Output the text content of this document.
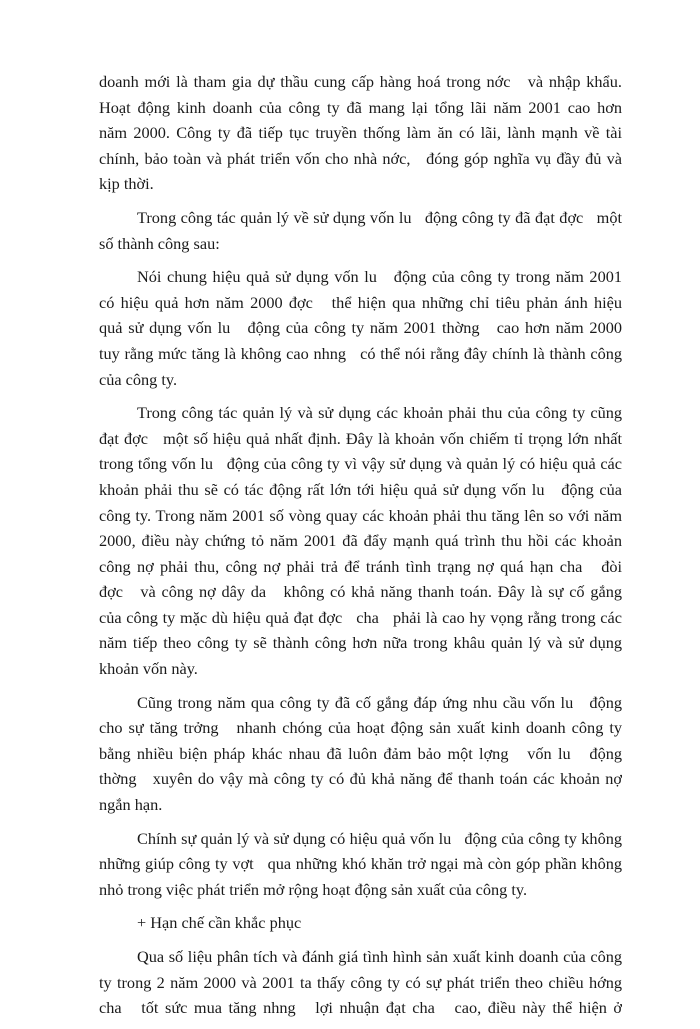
doanh mới là tham gia dự thầu cung cấp hàng hoá trong nớc   và nhập khẩu.
Hoạt động kinh doanh của công ty đã mang lại tổng lãi năm 2001 cao hơn
năm 2000. Công ty đã tiếp tục truyền thống làm ăn có lãi, lành mạnh về tài
chính, bảo toàn và phát triển vốn cho nhà nớc,   đóng góp nghĩa vụ đầy đủ và
kịp thời.
Trong công tác quản lý về sử dụng vốn lu   động công ty đã đạt đợc   một
số thành công sau:
Nói chung hiệu quả sử dụng vốn lu   động của công ty trong năm 2001
có hiệu quả hơn năm 2000 đợc   thể hiện qua những chỉ tiêu phản ánh hiệu
quả sử dụng vốn lu   động của công ty năm 2001 thờng   cao hơn năm 2000
tuy rằng mức tăng là không cao nhng   có thể nói rằng đây chính là thành công
của công ty.
Trong công tác quản lý và sử dụng các khoản phải thu của công ty cũng
đạt đợc   một số hiệu quả nhất định. Đây là khoản vốn chiếm tỉ trọng lớn nhất
trong tổng vốn lu   động của công ty vì vậy sử dụng và quản lý có hiệu quả các
khoản phải thu sẽ có tác động rất lớn tới hiệu quả sử dụng vốn lu   động của
công ty. Trong năm 2001 số vòng quay các khoản phải thu tăng lên so với năm
2000, điều này chứng tỏ năm 2001 đã đẩy mạnh quá trình thu hồi các khoản
công nợ phải thu, công nợ phải trả để tránh tình trạng nợ quá hạn cha   đòi
đợc   và công nợ dây da   không có khả năng thanh toán. Đây là sự cố gắng
của công ty mặc dù hiệu quả đạt đợc   cha   phải là cao hy vọng rằng trong các
năm tiếp theo công ty sẽ thành công hơn nữa trong khâu quản lý và sử dụng
khoản vốn này.
Cũng trong năm qua công ty đã cố gắng đáp ứng nhu cầu vốn lu   động
cho sự tăng trởng   nhanh chóng của hoạt động sản xuất kinh doanh công ty
bằng nhiều biện pháp khác nhau đã luôn đảm bảo một lợng   vốn lu   động
thờng   xuyên do vậy mà công ty có đủ khả năng để thanh toán các khoản nợ
ngắn hạn.
Chính sự quản lý và sử dụng có hiệu quả vốn lu   động của công ty không
những giúp công ty vợt   qua những khó khăn trở ngại mà còn góp phần không
nhỏ trong việc phát triển mở rộng hoạt động sản xuất của công ty.
+ Hạn chế cần khắc phục
Qua số liệu phân tích và đánh giá tình hình sản xuất kinh doanh của công
ty trong 2 năm 2000 và 2001 ta thấy công ty có sự phát triển theo chiều hớng
cha   tốt sức mua tăng nhng   lợi nhuận đạt cha   cao, điều này thể hiện ở
